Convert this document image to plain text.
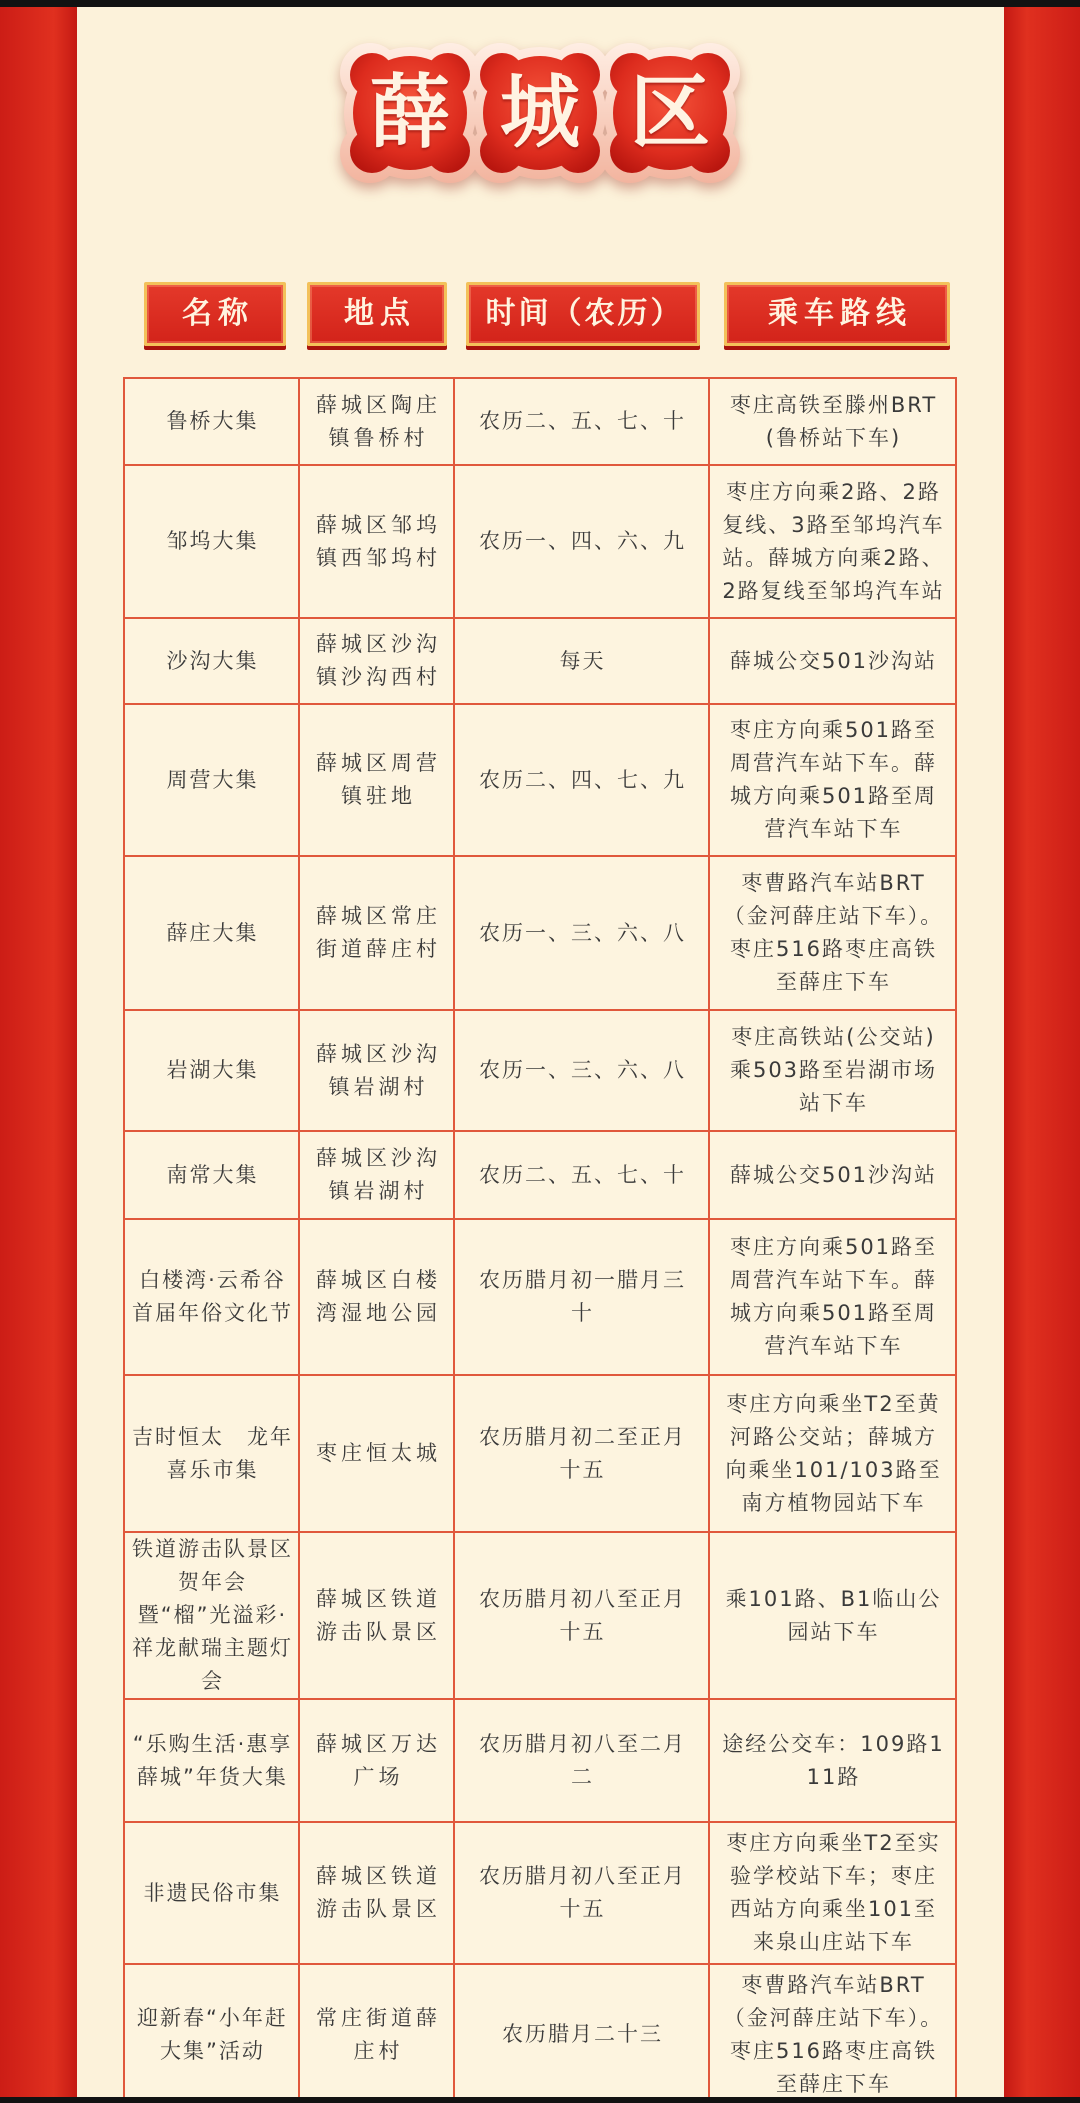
薛 城 区
名称	地点	时间（农历）	乘车路线
鲁桥大集	薛城区陶庄镇鲁桥村	农历二、五、七、十	枣庄高铁至滕州BRT(鲁桥站下车)
邹坞大集	薛城区邹坞镇西邹坞村	农历一、四、六、九	枣庄方向乘2路、2路复线、3路至邹坞汽车站。薛城方向乘2路、2路复线至邹坞汽车站
沙沟大集	薛城区沙沟镇沙沟西村	每天	薛城公交501沙沟站
周营大集	薛城区周营镇驻地	农历二、四、七、九	枣庄方向乘501路至周营汽车站下车。薛城方向乘501路至周营汽车站下车
薛庄大集	薛城区常庄街道薛庄村	农历一、三、六、八	枣曹路汽车站BRT（金河薛庄站下车）。枣庄516路枣庄高铁至薛庄下车
岩湖大集	薛城区沙沟镇岩湖村	农历一、三、六、八	枣庄高铁站(公交站)乘503路至岩湖市场站下车
南常大集	薛城区沙沟镇岩湖村	农历二、五、七、十	薛城公交501沙沟站
白楼湾·云希谷首届年俗文化节	薛城区白楼湾湿地公园	农历腊月初一腊月三十	枣庄方向乘501路至周营汽车站下车。薛城方向乘501路至周营汽车站下车
吉时恒太　龙年喜乐市集	枣庄恒太城	农历腊月初二至正月十五	枣庄方向乘坐T2至黄河路公交站；薛城方向乘坐101/103路至南方植物园站下车
铁道游击队景区贺年会暨“榴”光溢彩·祥龙献瑞主题灯会	薛城区铁道游击队景区	农历腊月初八至正月十五	乘101路、B1临山公园站下车
“乐购生活·惠享薛城”年货大集	薛城区万达广场	农历腊月初八至二月二	途经公交车：109路111路
非遗民俗市集	薛城区铁道游击队景区	农历腊月初八至正月十五	枣庄方向乘坐T2至实验学校站下车；枣庄西站方向乘坐101至来泉山庄站下车
迎新春“小年赶大集”活动	常庄街道薛庄村	农历腊月二十三	枣曹路汽车站BRT（金河薛庄站下车）。枣庄516路枣庄高铁至薛庄下车
